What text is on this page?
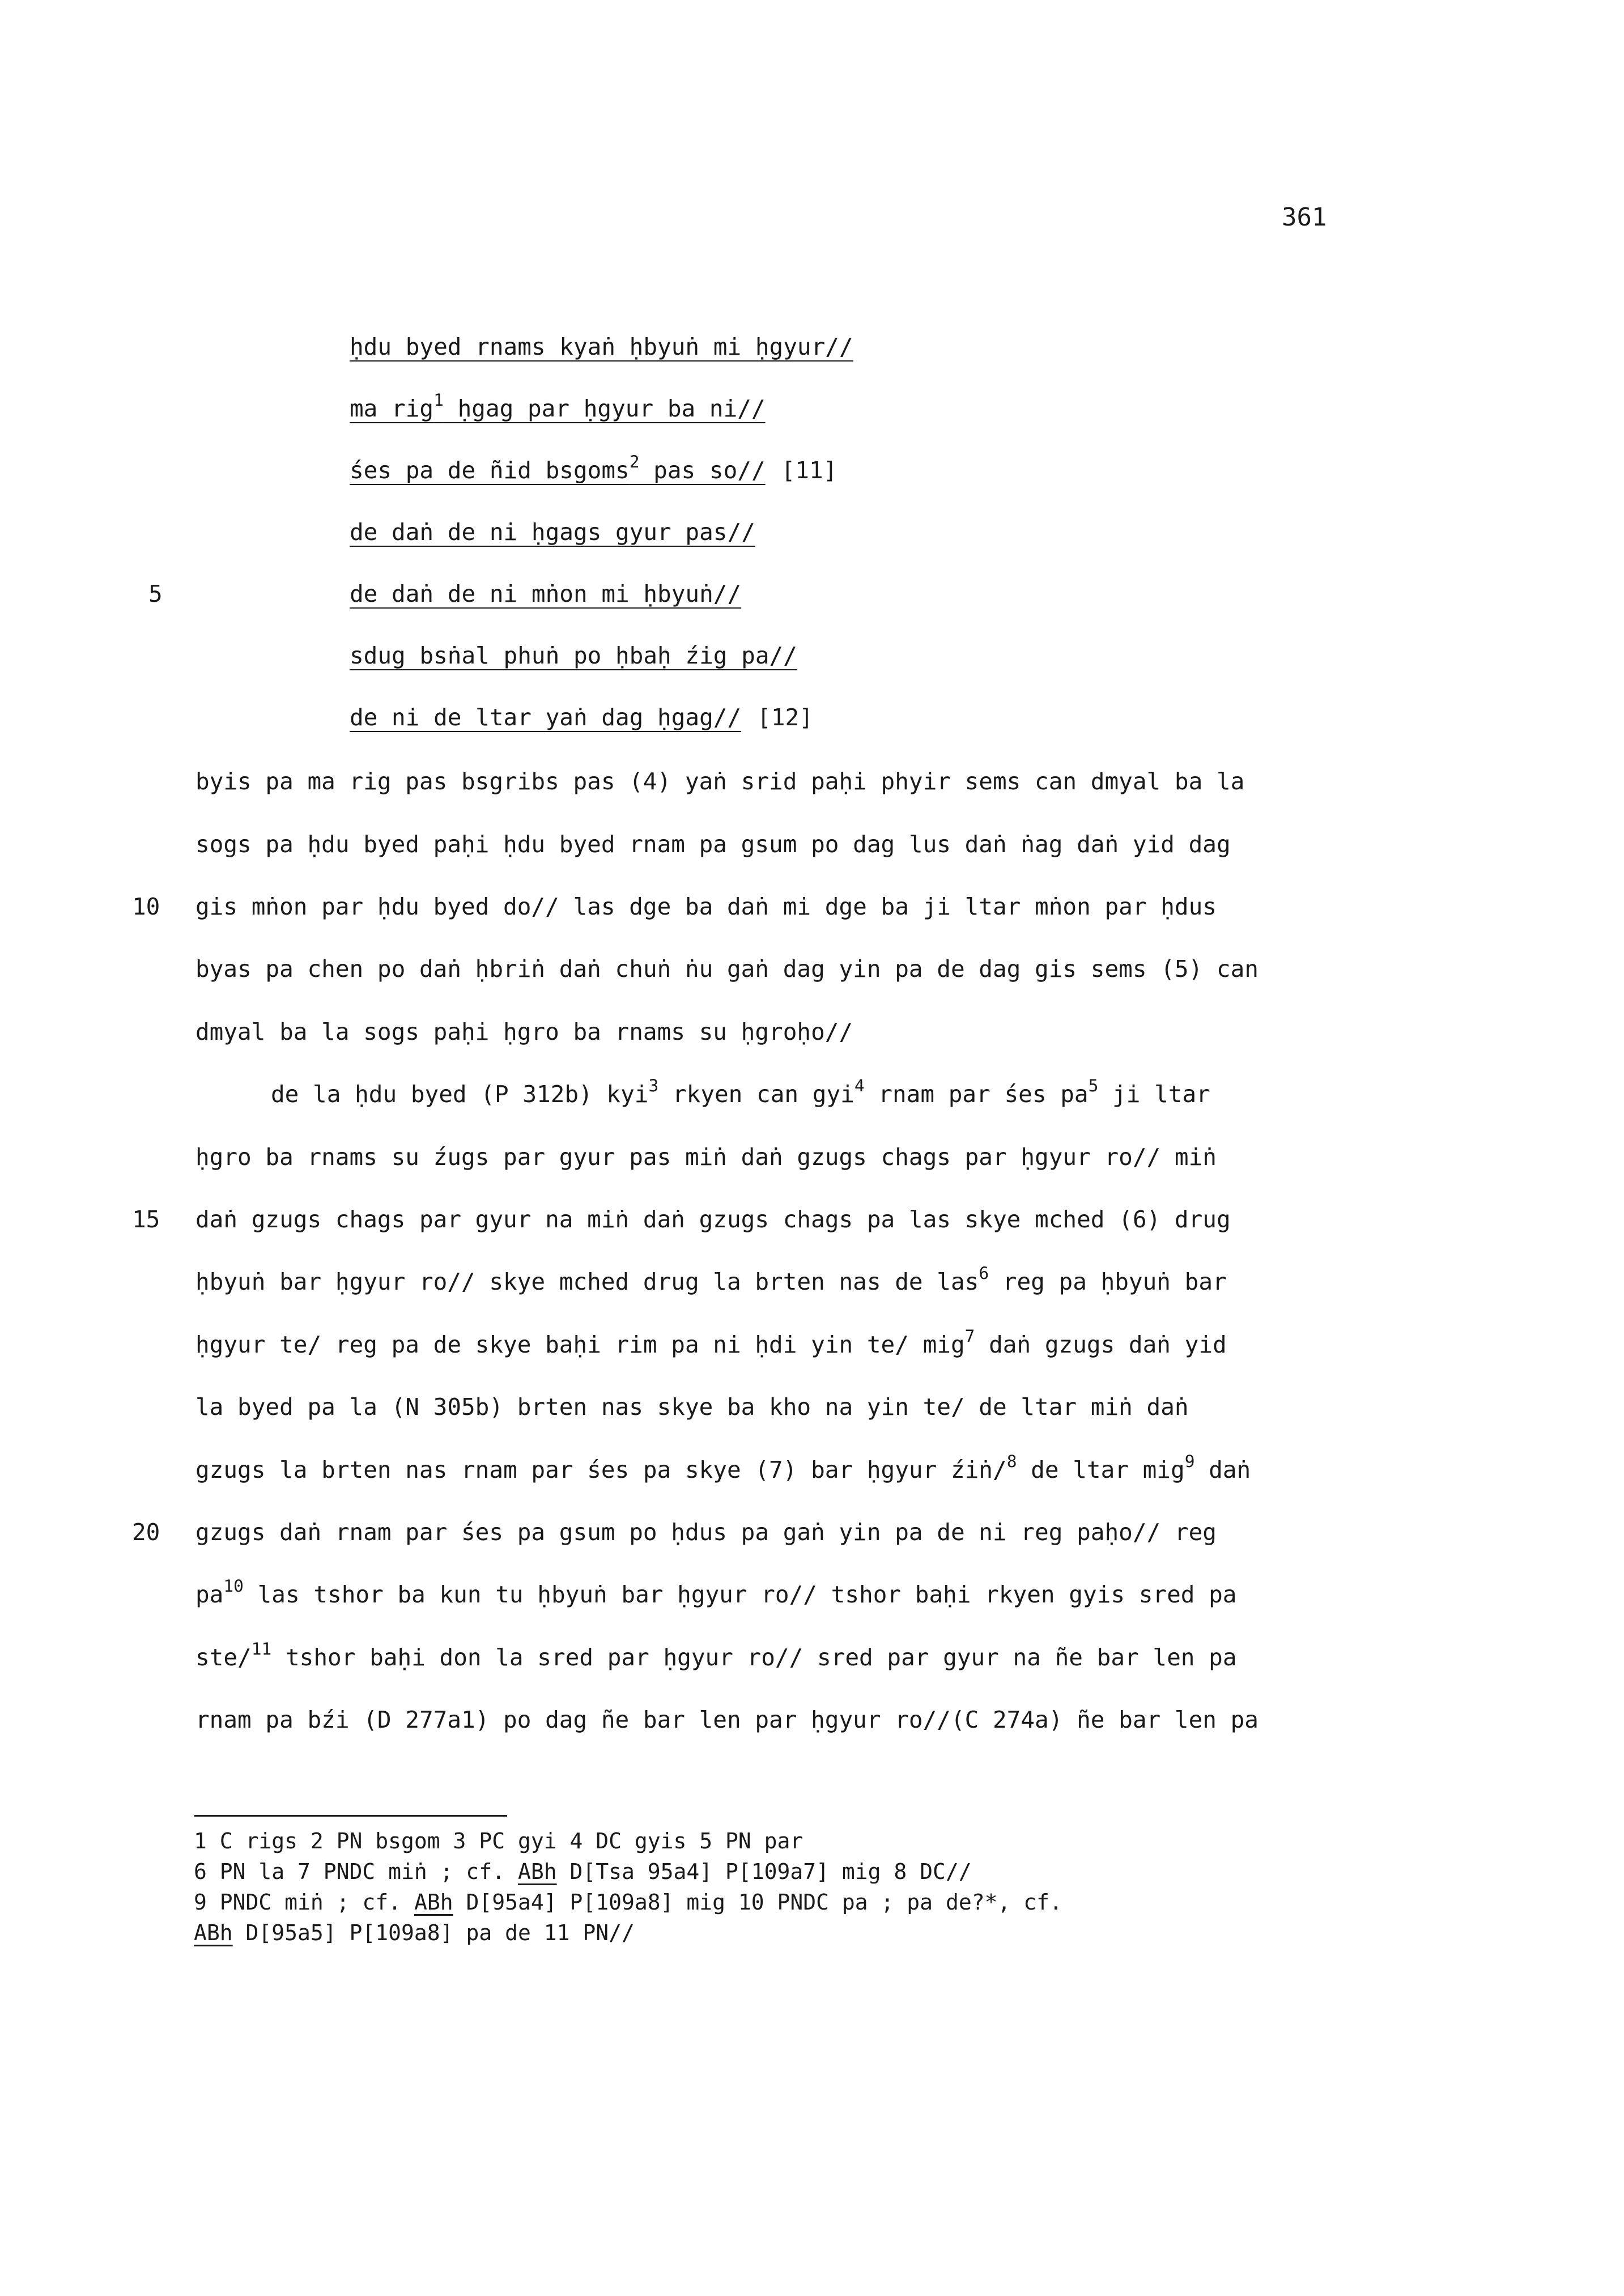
361
ḥdu byed rnams kyaṅ ḥbyuṅ mi ḥgyur//
ma rig$^1$ ḥgag par ḥgyur ba ni//
śes pa de ñid bsgoms$^2$ pas so// [11]
de daṅ de ni ḥgags gyur pas//
de daṅ de ni mṅon mi ḥbyuṅ//
sdug bsṅal phuṅ po ḥbaḥ źig pa//
de ni de ltar yaṅ dag ḥgag// [12]
5
10
15
20
byis pa ma rig pas bsgribs pas (4) yaṅ srid paḥi phyir sems can dmyal ba la
sogs pa ḥdu byed paḥi ḥdu byed rnam pa gsum po dag lus daṅ ṅag daṅ yid dag
gis mṅon par ḥdu byed do// las dge ba daṅ mi dge ba ji ltar mṅon par ḥdus
byas pa chen po daṅ ḥbriṅ daṅ chuṅ ṅu gaṅ dag yin pa de dag gis sems (5) can
dmyal ba la sogs paḥi ḥgro ba rnams su ḥgroḥo//
de la ḥdu byed (P 312b) kyi$^3$ rkyen can gyi$^4$ rnam par śes $pa^5$ ji ltar
ḥgro ba rnams su źugs par gyur pas miṅ daṅ gzugs chags par ḥgyur ro// miṅ
daṅ gzugs chags par gyur na miṅ daṅ gzugs chags pa las skye mched (6) drug
ḥbyuṅ bar ḥgyur ro// skye mched drug la brten nas de las$^6$ reg pa ḥbyuṅ bar
ḥgyur te/ reg pa de skye baḥi rim pa ni ḥdi yin te/ mig$^7$ daṅ gzugs daṅ yid
la byed pa la (N 305b) brten nas skye ba kho na yin te/ de ltar miṅ daṅ
gzugs la brten nas rnam par śes pa skye (7) bar ḥgyur źiṅ/$^8$ de ltar mig$^9$ daṅ
gzugs daṅ rnam par śes pa gsum po ḥdus pa gaṅ yin pa de ni reg paḥo// reg
$pa^{10}$ las tshor ba kun tu ḥbyuṅ bar ḥgyur ro// tshor baḥi rkyen gyis sred pa
ste/$^{11}$ tshor baḥi don la sred par ḥgyur ro// sred par gyur na ñe bar len pa
rnam pa bźi (D 277a1) po dag ñe bar len par ḥgyur ro//(C 274a) ñe bar len pa
1 C rigs 2 PN bsgom 3 PC gyi 4 DC gyis 5 PN par
6 PN la 7 PNDC miṅ ; cf. ABh D[Tsa 95a4] P[109a7] mig 8 DC//
9 PNDC miṅ ; cf. ABh D[95a4] P[109a8] mig 10 PNDC pa ; pa de?*, cf.
ABh D[95a5] P[109a8] pa de 11 PN//
